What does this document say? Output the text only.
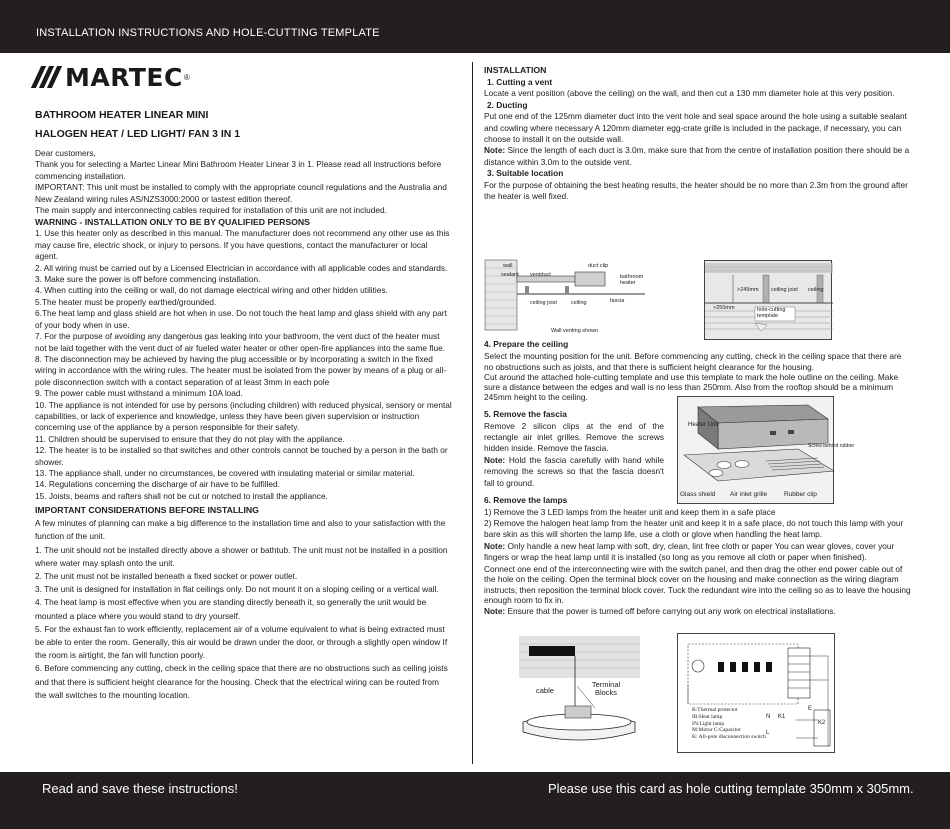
INSTALLATION INSTRUCTIONS AND HOLE-CUTTING TEMPLATE
MARTEC ®

BATHROOM HEATER LINEAR MINI

HALOGEN HEAT / LED LIGHT/ FAN 3 IN 1

Dear customers,

Thank you for selecting a Martec Linear Mini Bathroom Heater Linear 3 in 1. Please read all instructions before commencing installation.

IMPORTANT: This unit must be installed to comply with the appropriate council regulations and the Australia and New Zealand wiring rules AS/NZS3000:2000 or lastest edition thereof.

The main supply and interconnecting cables required for installation of this unit are not included.

WARNING - INSTALLATION ONLY TO BE BY QUALIFIED PERSONS

1. Use this heater only as described in this manual. The manufacturer does not recommend any other use as this may cause fire, electric shock, or injury to persons. If you have questions, contact the manufacturer or local agent.

2. All wiring must be carried out by a Licensed Electrician in accordance with all applicable codes and standards.

3. Make sure the power is off before commencing installation.

4. When cutting into the ceiling or wall, do not damage electrical wiring and other hidden utilities.

5.The heater must be properly earthed/grounded.

6.The heat lamp and glass shield are hot when in use. Do not touch the heat lamp and glass shield with any part of your body when in use.

7. For the purpose of avoiding any dangerous gas leaking into your bathroom, the vent duct of the heater must not be laid together with the vent duct of air fueled water heater or other open-fire appliances into the same flue.

8. The disconnection may be achieved by having the plug accessible or by incorporating a switch in the fixed wiring in accordance with the wiring rules. The heater must be isolated from the power by means of a plug or all-pole disconnection switch with a contact separation of at least 3mm in each pole

9. The power cable must withstand a minimum 10A load.

10. The appliance is not intended for use by persons (including children) with reduced physical, sensory or mental capabilities, or lack of experience and knowledge, unless they have been given supervision or instruction concerning use of the appliance by a person responsible for their safety.

11. Children should be supervised to ensure that they do not play with the appliance.

12. The heater is to be installed so that switches and other controls cannot be touched by a person in the bath or shower.

13. The appliance shall, under no circumstances, be covered with insulating material or similar material.

14. Regulations concerning the discharge of air have to be fulfilled.

15. Joists, beams and rafters shall not be cut or notched to install the appliance.

IMPORTANT CONSIDERATIONS BEFORE INSTALLING

A few minutes of planning can make a big difference to the installation time and also to your satisfaction with the function of the unit.

1. The unit should not be installed directly above a shower or bathtub. The unit must not be installed in a position where water may splash onto the unit.

2. The unit must not be installed beneath a fixed socket or power outlet.

3. The unit is designed for installation in flat ceilings only. Do not mount it on a sloping ceiling or a vertical wall.

4. The heat lamp is most effective when you are standing directly beneath it, so generally the unit would be mounted a place where you would stand to dry yourself.

5. For the exhaust fan to work efficiently, replacement air of a volume equivalent to what is being extracted must be able to enter the room. Generally, this air would be drawn under the door, or through a slightly open window If the room is airtight, the fan will function poorly.

6. Before commencing any cutting, check in the ceiling space that there are no obstructions such as ceiling joists and that there is sufficient height clearance for the housing. Check that the electrical wiring can be routed from the wall switches to the mounting location.

INSTALLATION

1. Cutting a vent

Locate a vent position (above the ceiling) on the wall, and then cut a 130 mm diameter hole at this very position.

2. Ducting

Put one end of the 125mm diameter duct into the vent hole and seal space around the hole using a suitable sealant and cowling where necessary A 120mm diameter egg-crate grille is included in the package, if necessary, you can choose to install it on the outside wall.

Note: Since the length of each duct is 3.0m, make sure that from the centre of installation position there should be a distance within 3.0m to the outside vent.

3. Suitable location

For the purpose of obtaining the best heating results, the heater should be no more than 2.3m from the ground after the heater is well fixed.

wall
sealant ventduct
duct clip
bathroom heater
ceiling joist	ceiling	fascia
Wall venting shown
>245mm ceiling joist ceiling
>250mm	hole-cutting template

4. Prepare the ceiling

Select the mounting position for the unit. Before commencing any cutting, check in the ceiling space that there are no obstructions such as joists, and that there is sufficient height clearance for the housing.

Cut around the attached hole-cutting template and use this template to mark the hole outline on the ceiling. Make sure a distance between the edges and wall is no less than 250mm. Also from the rooftop should be a minimum 245mm height to the ceiling.

5. Remove the fascia

Remove 2 silicon clips at the end of the rectangle air inlet grilles. Remove the screws hidden inside. Remove the fascia.

Note: Hold the fascia carefully with hand while removing the screws so that the fascia doesn't fall to ground.

Heater Unit
Screw behind rubber
Glass shield Air inlet grille	Rubber clip

6. Remove the lamps

1) Remove the 3 LED lamps from the heater unit and keep them in a safe place

2) Remove the halogen heat lamp from the heater unit and keep it in a safe place, do not touch this lamp with your bare skin as this will shorten the lamp life, use a cloth or glove when handling the heat lamp.

Note: Only handle a new heat lamp with soft, dry, clean, lint free cloth or paper You can wear gloves, cover your fingers or wrap the heat lamp until it is installed (so long as you remove all cloth or paper when finished).

Connect one end of the interconnecting wire with the switch panel, and then drag the other end power cable out of the hole on the ceiling. Open the terminal block cover on the housing and make connection as the wiring diagram instructs, then reposition the terminal block cover. Tuck the redundant wire into the ceiling so as to leave the housing enough room to fix in.

Note: Ensure that the power is turned off before carrying out any work on electrical installations.

cable
Terminal Blocks
K1
K2
N
L
E

B:Thermal protector

IR:Heat lamp

IN:Light lamp

M:Motor C:Capacitor

K: All-pole disconnection switch

Read and save these instructions!	Please use this card as hole cutting template 350mm x 305mm.
